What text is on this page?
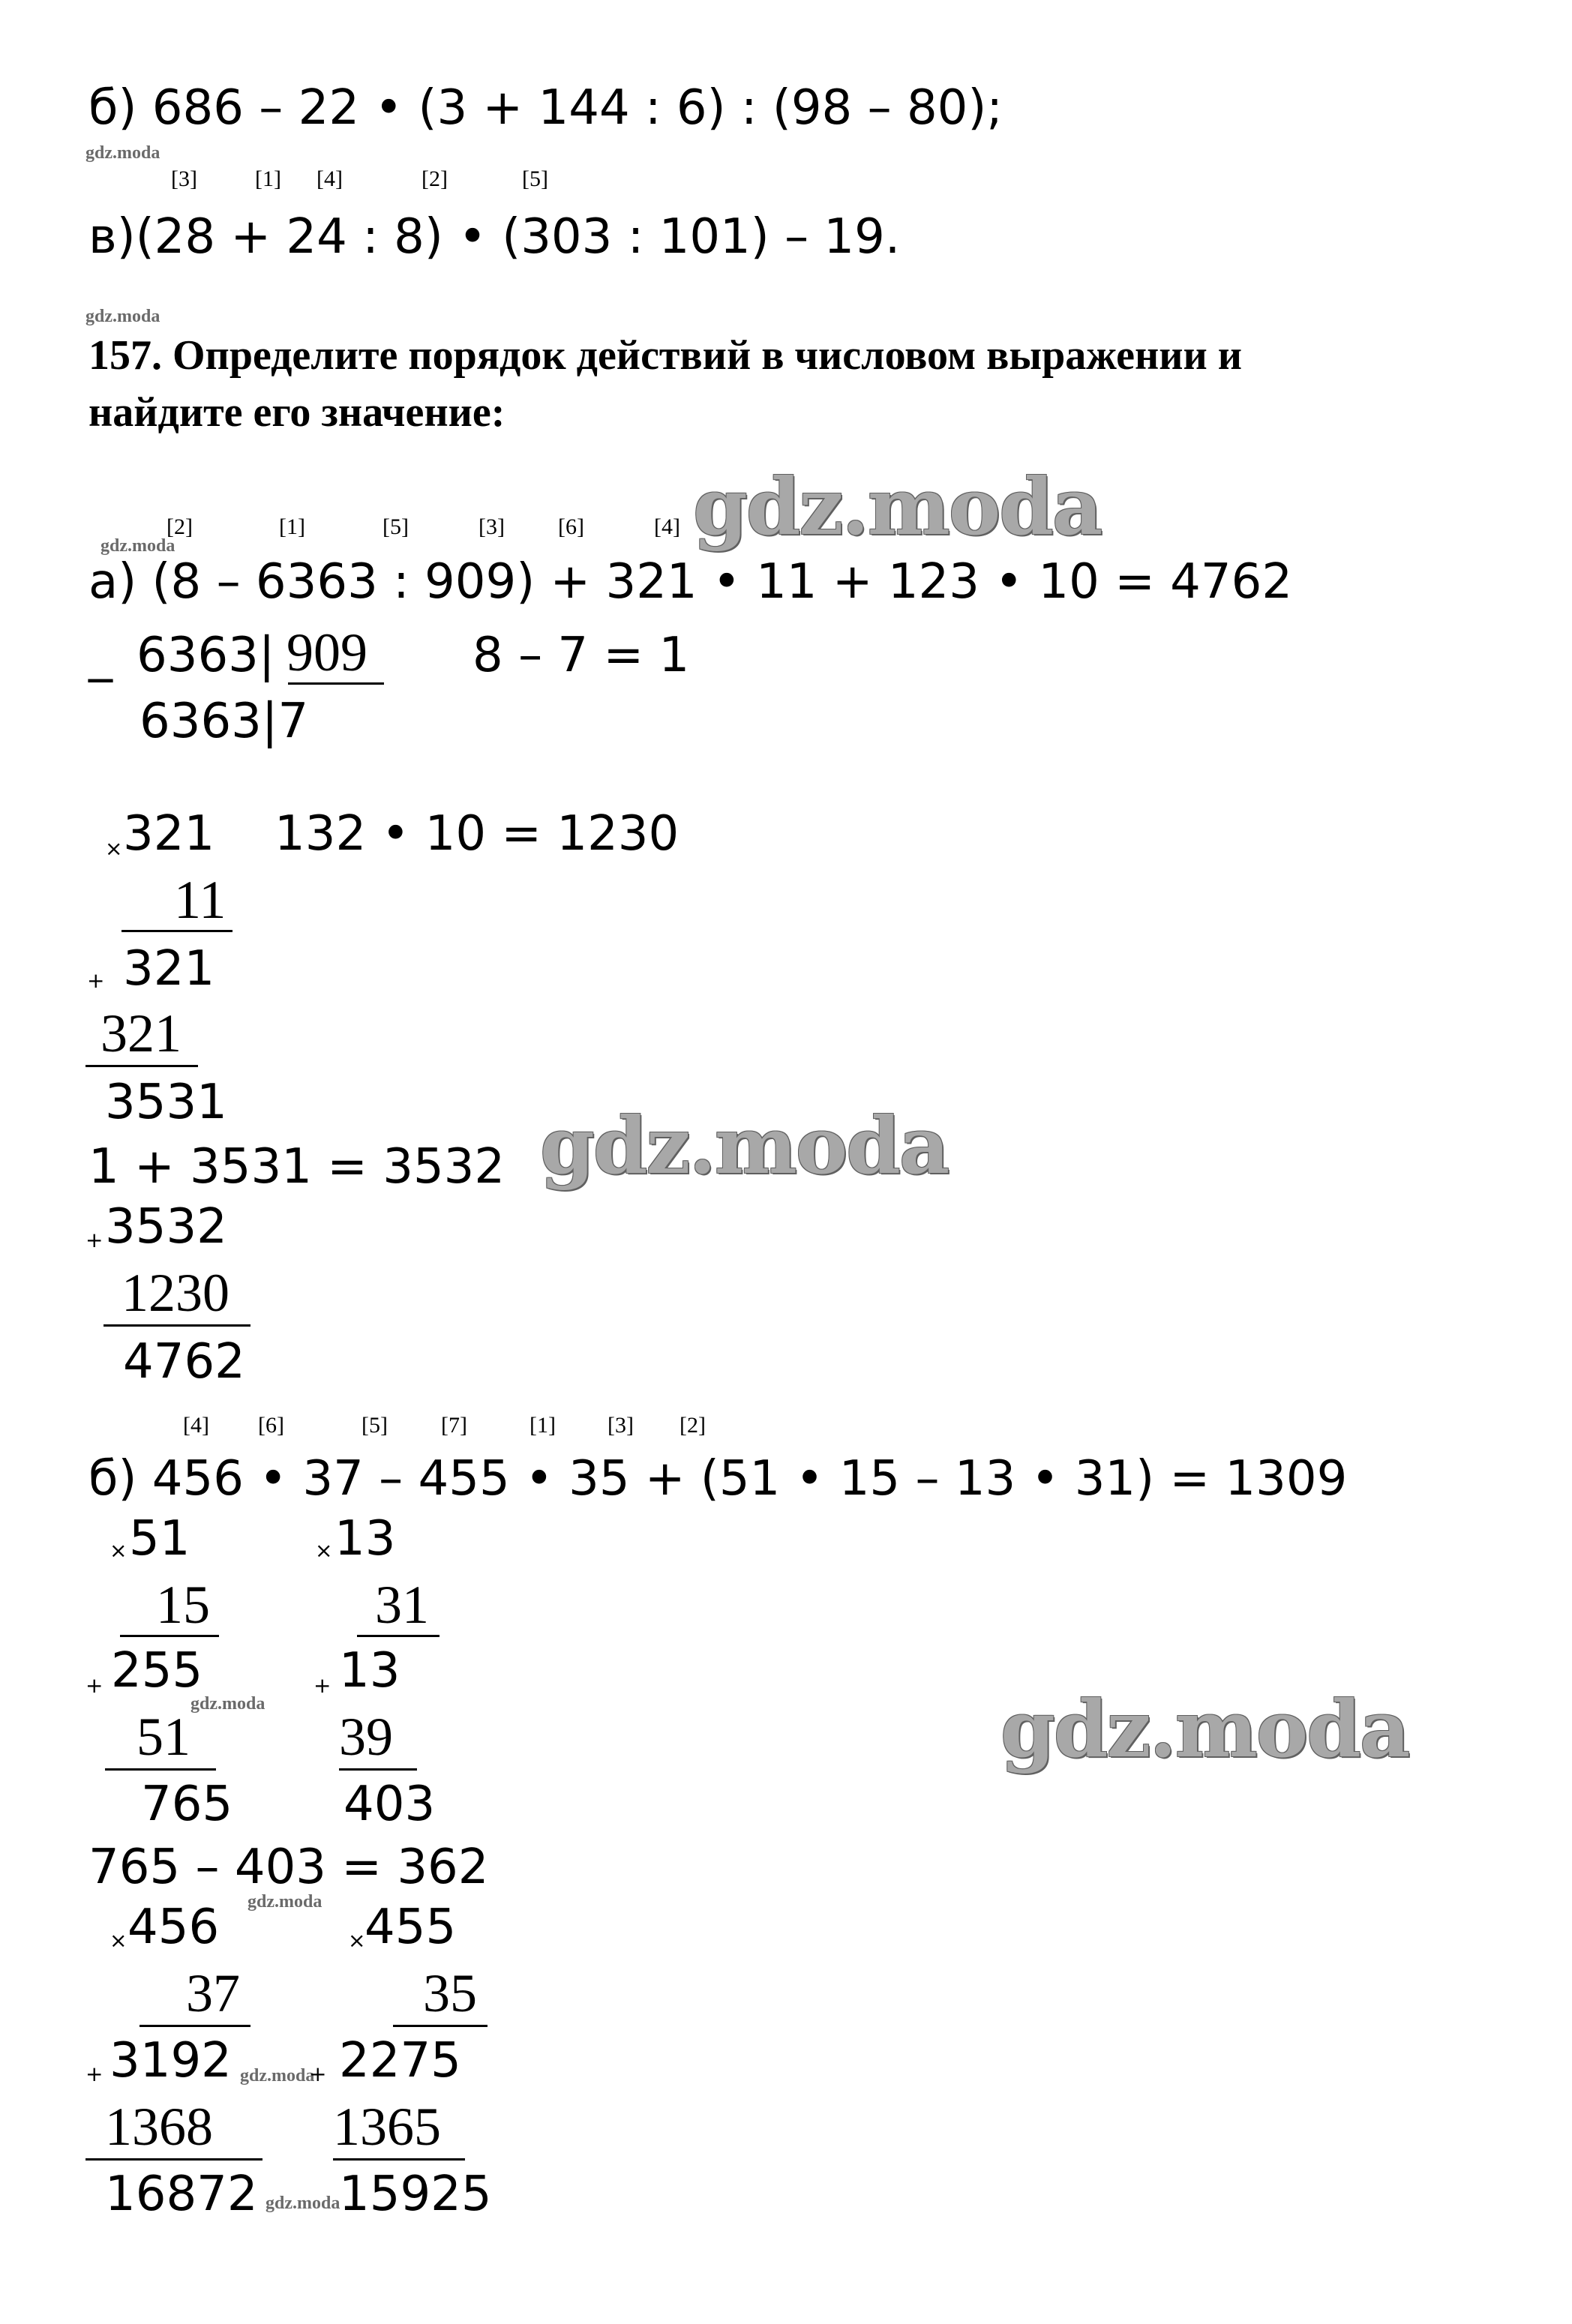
б) 686 – 22 • (3 + 144 : 6) : (98 – 80);
gdz.moda
[3]	[1] [4]	[2]	[5]
в)(28 + 24 : 8) • (303 : 101) – 19.
gdz.moda
157. Определите порядок действий в числовом выражении и
найдите его значение:
gdz.moda
gdz.moda
gdz.moda
[2]
gdz.moda
[1]	[5]	[3] [6]	[4]
а) (8 – 6363 : 909) + 321 • 11 + 123 • 10 = 4762
_ 6363| 909 8 – 7 = 1
6363|7
× 321 132 • 10 = 1230
11
+ 321
321
3531
1 + 3531 = 3532
+ 3532
1230
4762
[4] [6]	[5] [7]	[1] [3] [2]
б) 456 • 37 – 455 • 35 + (51 • 15 – 13 • 31) = 1309
× 51
15
+ 255
gdz.moda
51
765
× 13
31
+ 13
39
403
765 – 403 = 362
gdz.moda
× 456
37
+ 3192 gdz.moda
1368
16872 gdz.moda
×
455
35
+ 2275
1365
15925
